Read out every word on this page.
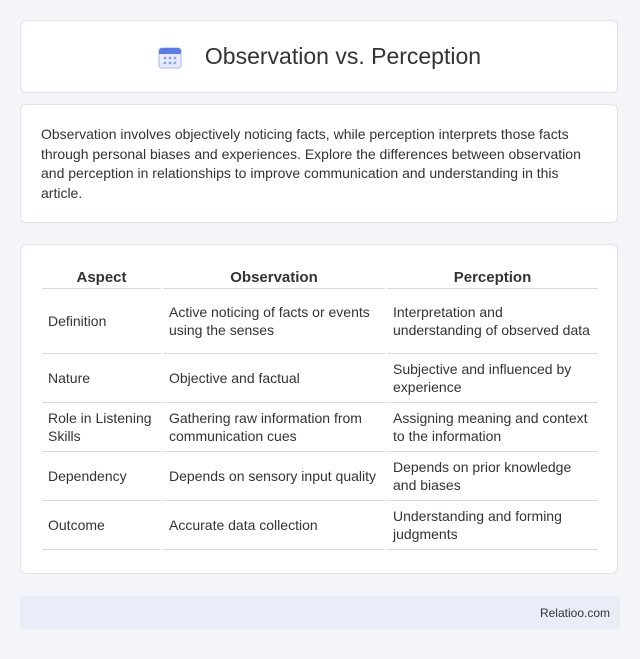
Observation vs. Perception

Observation involves objectively noticing facts, while perception interprets those facts through personal biases and experiences. Explore the differences between observation and perception in relationships to improve communication and understanding in this article.

Aspect	Observation	Perception
Definition	Active noticing of facts or events using the senses	Interpretation and understanding of observed data
Nature	Objective and factual	Subjective and influenced by experience
Role in Listening Skills	Gathering raw information from communication cues	Assigning meaning and context to the information
Dependency	Depends on sensory input quality	Depends on prior knowledge and biases
Outcome	Accurate data collection	Understanding and forming judgments
Relatioo.com
